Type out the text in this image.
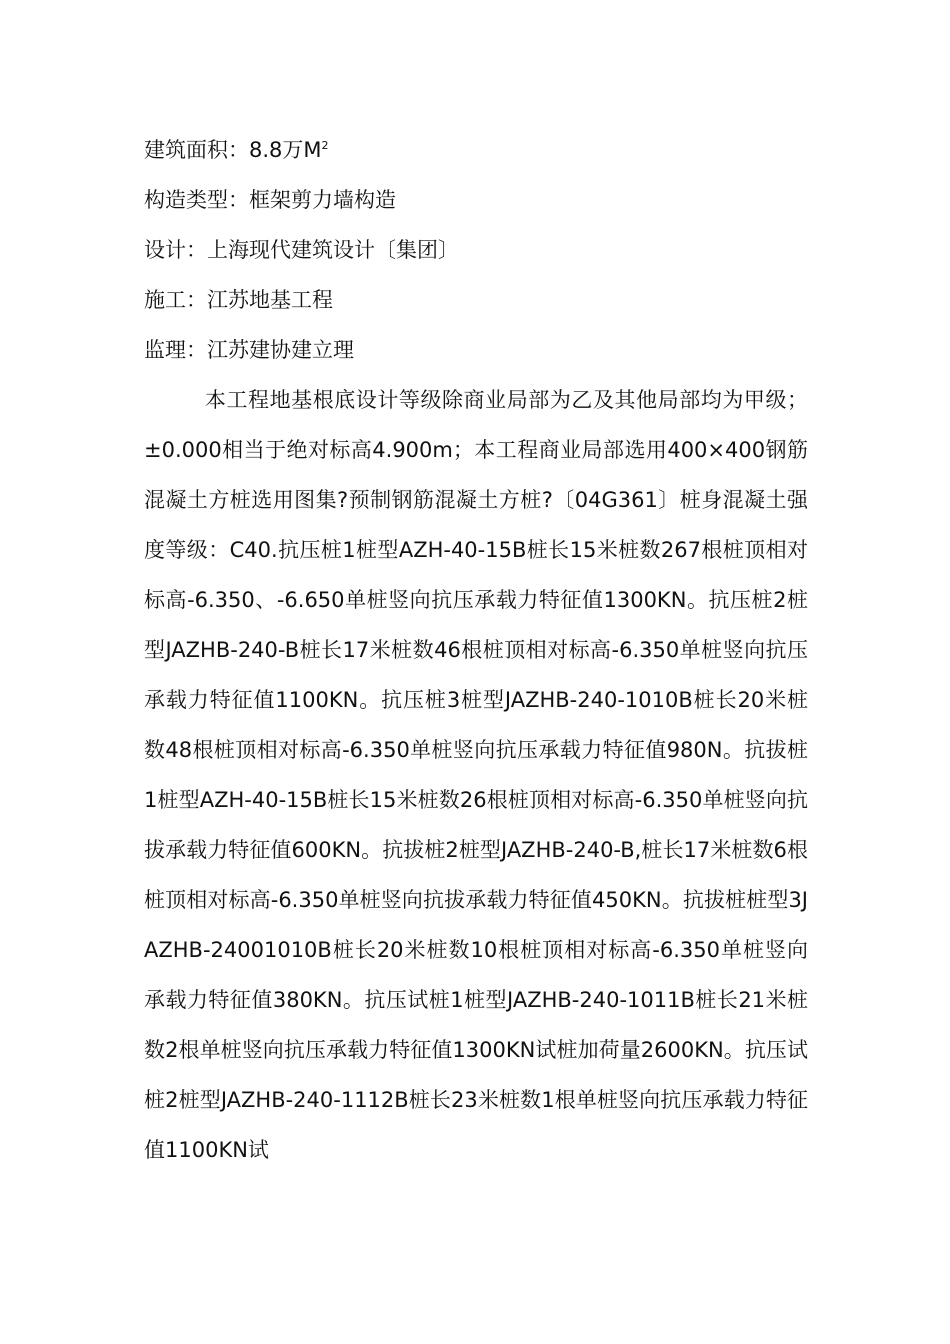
建筑面积：8.8万$M^2$
构造类型：框架剪力墙构造
设计：上海现代建筑设计〔集团〕
施工：江苏地基工程
监理：江苏建协建立理

本工程地基根底设计等级除商业局部为乙及其他局部均为甲级；±0.000相当于绝对标高4.900m；本工程商业局部选用400×400钢筋混凝土方桩选用图集?预制钢筋混凝土方桩?〔04G361〕桩身混凝土强度等级：C40.抗压桩1桩型AZH-40-15B桩长15米桩数267根桩顶相对标高-6.350、-6.650单桩竖向抗压承载力特征值1300KN。抗压桩2桩型JAZHB-240-B桩长17米桩数46根桩顶相对标高-6.350单桩竖向抗压承载力特征值1100KN。抗压桩3桩型JAZHB-240-1010B桩长20米桩数48根桩顶相对标高-6.350单桩竖向抗压承载力特征值980N。抗拔桩1桩型AZH-40-15B桩长15米桩数26根桩顶相对标高-6.350单桩竖向抗拔承载力特征值600KN。抗拔桩2桩型JAZHB-240-B,桩长17米桩数6根桩顶相对标高-6.350单桩竖向抗拔承载力特征值450KN。抗拔桩桩型3JAZHB-24001010B桩长20米桩数10根桩顶相对标高-6.350单桩竖向承载力特征值380KN。抗压试桩1桩型JAZHB-240-1011B桩长21米桩数2根单桩竖向抗压承载力特征值1300KN试桩加荷量2600KN。抗压试桩2桩型JAZHB-240-1112B桩长23米桩数1根单桩竖向抗压承载力特征值1100KN试
